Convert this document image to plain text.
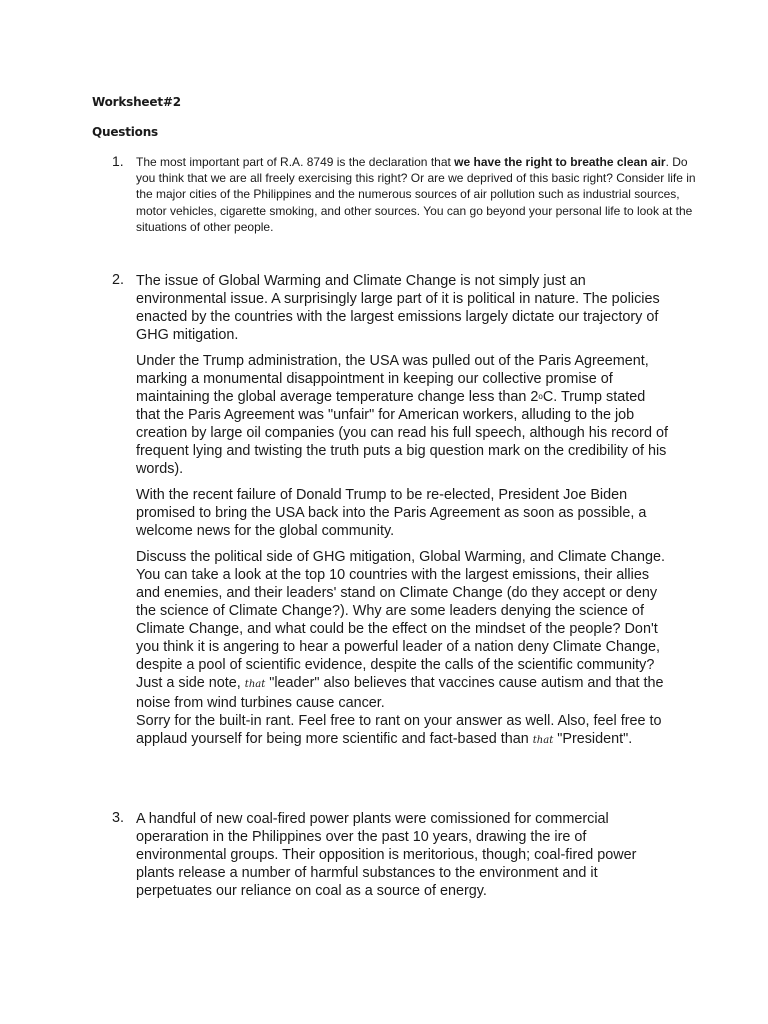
Worksheet#2
Questions
1. The most important part of R.A. 8749 is the declaration that we have the right to breathe clean air. Do you think that we are all freely exercising this right? Or are we deprived of this basic right? Consider life in the major cities of the Philippines and the numerous sources of air pollution such as industrial sources, motor vehicles, cigarette smoking, and other sources. You can go beyond your personal life to look at the situations of other people.

2. The issue of Global Warming and Climate Change is not simply just an environmental issue. A surprisingly large part of it is political in nature. The policies enacted by the countries with the largest emissions largely dictate our trajectory of GHG mitigation.

Under the Trump administration, the USA was pulled out of the Paris Agreement, marking a monumental disappointment in keeping our collective promise of maintaining the global average temperature change less than 2oC. Trump stated that the Paris Agreement was "unfair" for American workers, alluding to the job creation by large oil companies (you can read his full speech, although his record of frequent lying and twisting the truth puts a big question mark on the credibility of his words).

With the recent failure of Donald Trump to be re-elected, President Joe Biden promised to bring the USA back into the Paris Agreement as soon as possible, a welcome news for the global community.

Discuss the political side of GHG mitigation, Global Warming, and Climate Change. You can take a look at the top 10 countries with the largest emissions, their allies and enemies, and their leaders' stand on Climate Change (do they accept or deny the science of Climate Change?). Why are some leaders denying the science of Climate Change, and what could be the effect on the mindset of the people? Don't you think it is angering to hear a powerful leader of a nation deny Climate Change, despite a pool of scientific evidence, despite the calls of the scientific community? Just a side note, that "leader" also believes that vaccines cause autism and that the noise from wind turbines cause cancer.

Sorry for the built-in rant. Feel free to rant on your answer as well. Also, feel free to applaud yourself for being more scientific and fact-based than that "President".

3. A handful of new coal-fired power plants were comissioned for commercial operaration in the Philippines over the past 10 years, drawing the ire of environmental groups. Their opposition is meritorious, though; coal-fired power plants release a number of harmful substances to the environment and it perpetuates our reliance on coal as a source of energy.
